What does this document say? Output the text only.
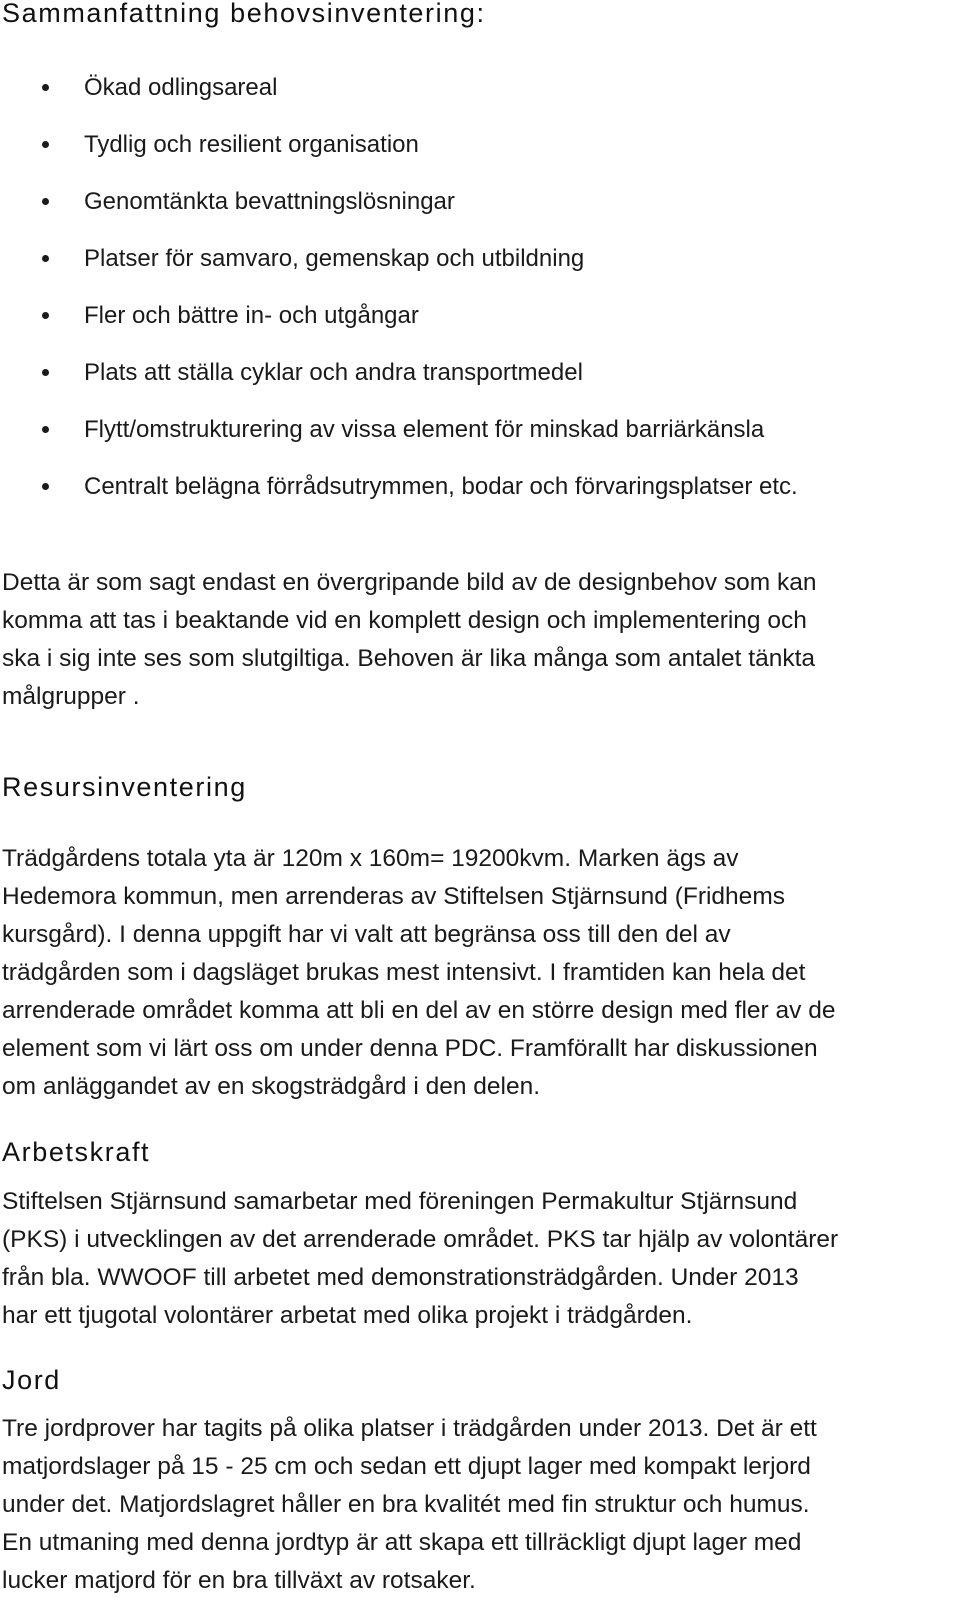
Sammanfattning behovsinventering:
Ökad odlingsareal
Tydlig och resilient organisation
Genomtänkta bevattningslösningar
Platser för samvaro, gemenskap och utbildning
Fler och bättre in- och utgångar
Plats att ställa cyklar och andra transportmedel
Flytt/omstrukturering av vissa element för minskad barriärkänsla
Centralt belägna förrådsutrymmen, bodar och förvaringsplatser etc.

Detta är som sagt endast en övergripande bild av de designbehov som kan
komma att tas i beaktande vid en komplett design och implementering och
ska i sig inte ses som slutgiltiga. Behoven är lika många som antalet tänkta
målgrupper .

Resursinventering

Trädgårdens totala yta är 120m x 160m= 19200kvm. Marken ägs av
Hedemora kommun, men arrenderas av Stiftelsen Stjärnsund (Fridhems
kursgård). I denna uppgift har vi valt att begränsa oss till den del av
trädgården som i dagsläget brukas mest intensivt. I framtiden kan hela det
arrenderade området komma att bli en del av en större design med fler av de
element som vi lärt oss om under denna PDC. Framförallt har diskussionen
om anläggandet av en skogsträdgård i den delen.

Arbetskraft

Stiftelsen Stjärnsund samarbetar med föreningen Permakultur Stjärnsund
(PKS) i utvecklingen av det arrenderade området. PKS tar hjälp av volontärer
från bla. WWOOF till arbetet med demonstrationsträdgården. Under 2013
har ett tjugotal volontärer arbetat med olika projekt i trädgården.

Jord

Tre jordprover har tagits på olika platser i trädgården under 2013. Det är ett
matjordslager på 15 - 25 cm och sedan ett djupt lager med kompakt lerjord
under det. Matjordslagret håller en bra kvalitét med fin struktur och humus.
En utmaning med denna jordtyp är att skapa ett tillräckligt djupt lager med
lucker matjord för en bra tillväxt av rotsaker.
